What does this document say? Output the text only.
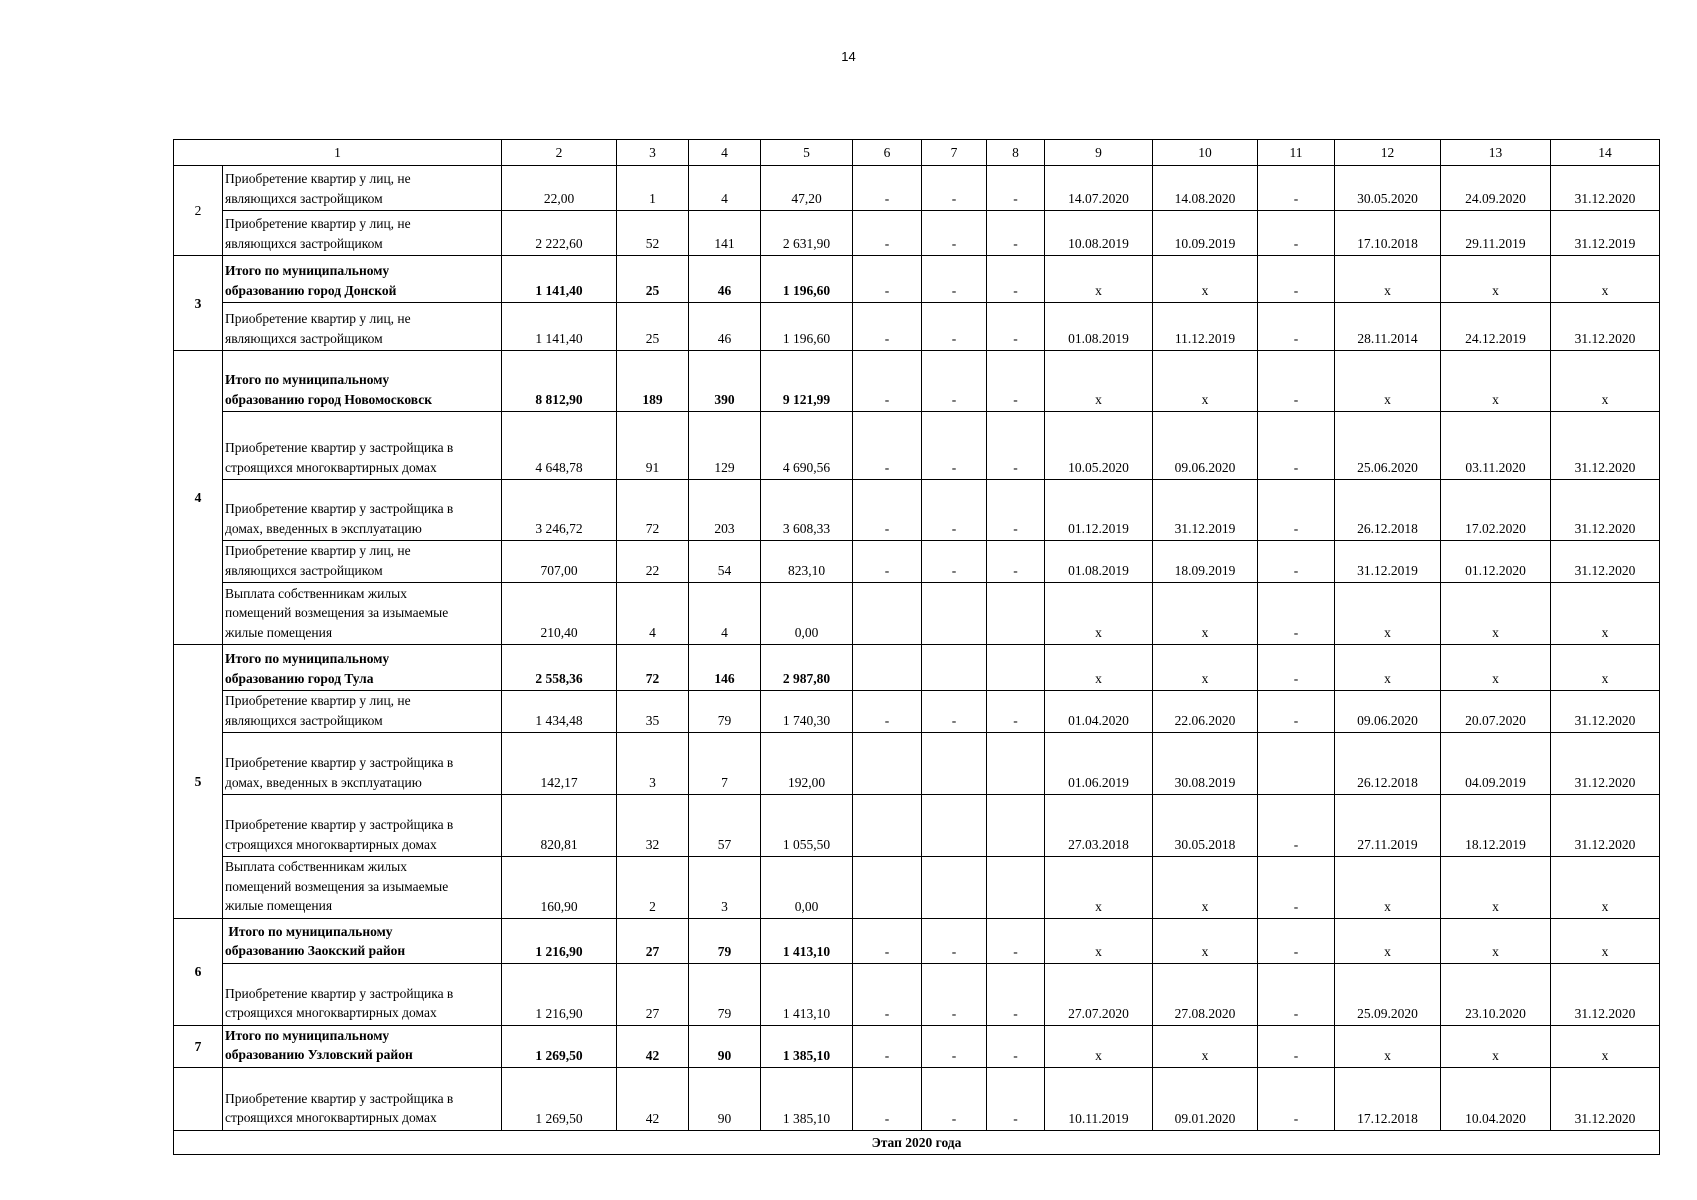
14
1		2	3	4	5	6	7	8	9	10	11	12	13	14
2	Приобретение квартир у лиц, не
являющихся застройщиком	22,00	1	4	47,20	-	-	-	14.07.2020	14.08.2020	-	30.05.2020	24.09.2020	31.12.2020

	Приобретение квартир у лиц, не
являющихся застройщиком	2 222,60	52	141	2 631,90	-	-	-	10.08.2019	10.09.2019	-	17.10.2018	29.11.2019	31.12.2019
3	Итого по муниципальному
образованию город Донской	1 141,40	25	46	1 196,60	-	-	-	x	x	-	x	x	x

	Приобретение квартир у лиц, не
являющихся застройщиком	1 141,40	25	46	1 196,60	-	-	-	01.08.2019	11.12.2019	-	28.11.2014	24.12.2019	31.12.2020
4	Итого по муниципальному
образованию город Новомосковск	8 812,90	189	390	9 121,99	-	-	-	x	x	-	x	x	x

	Приобретение квартир у застройщика в
строящихся многоквартирных домах	4 648,78	91	129	4 690,56	-	-	-	10.05.2020	09.06.2020	-	25.06.2020	03.11.2020	31.12.2020

	Приобретение квартир у застройщика в
домах, введенных в эксплуатацию	3 246,72	72	203	3 608,33	-	-	-	01.12.2019	31.12.2019	-	26.12.2018	17.02.2020	31.12.2020

	Приобретение квартир у лиц, не
являющихся застройщиком	707,00	22	54	823,10	-	-	-	01.08.2019	18.09.2019	-	31.12.2019	01.12.2020	31.12.2020

	Выплата собственникам жилых
помещений возмещения за изымаемые
жилые помещения	210,40	4	4	0,00				x	x	-	x	x	x
5	Итого по муниципальному
образованию город Тула	2 558,36	72	146	2 987,80				x	x	-	x	x	x

	Приобретение квартир у лиц, не
являющихся застройщиком	1 434,48	35	79	1 740,30	-	-	-	01.04.2020	22.06.2020	-	09.06.2020	20.07.2020	31.12.2020

	Приобретение квартир у застройщика в
домах, введенных в эксплуатацию	142,17	3	7	192,00				01.06.2019	30.08.2019		26.12.2018	04.09.2019	31.12.2020

	Приобретение квартир у застройщика в
строящихся многоквартирных домах	820,81	32	57	1 055,50				27.03.2018	30.05.2018	-	27.11.2019	18.12.2019	31.12.2020

	Выплата собственникам жилых
помещений возмещения за изымаемые
жилые помещения	160,90	2	3	0,00				x	x	-	x	x	x
6	Итого по муниципальному
образованию Заокский район	1 216,90	27	79	1 413,10	-	-	-	x	x	-	x	x	x

	Приобретение квартир у застройщика в
строящихся многоквартирных домах	1 216,90	27	79	1 413,10	-	-	-	27.07.2020	27.08.2020	-	25.09.2020	23.10.2020	31.12.2020
7	Итого по муниципальному
образованию Узловский район	1 269,50	42	90	1 385,10	-	-	-	x	x	-	x	x	x

	Приобретение квартир у застройщика в
строящихся многоквартирных домах	1 269,50	42	90	1 385,10	-	-	-	10.11.2019	09.01.2020	-	17.12.2018	10.04.2020	31.12.2020
Этап 2020 года														
